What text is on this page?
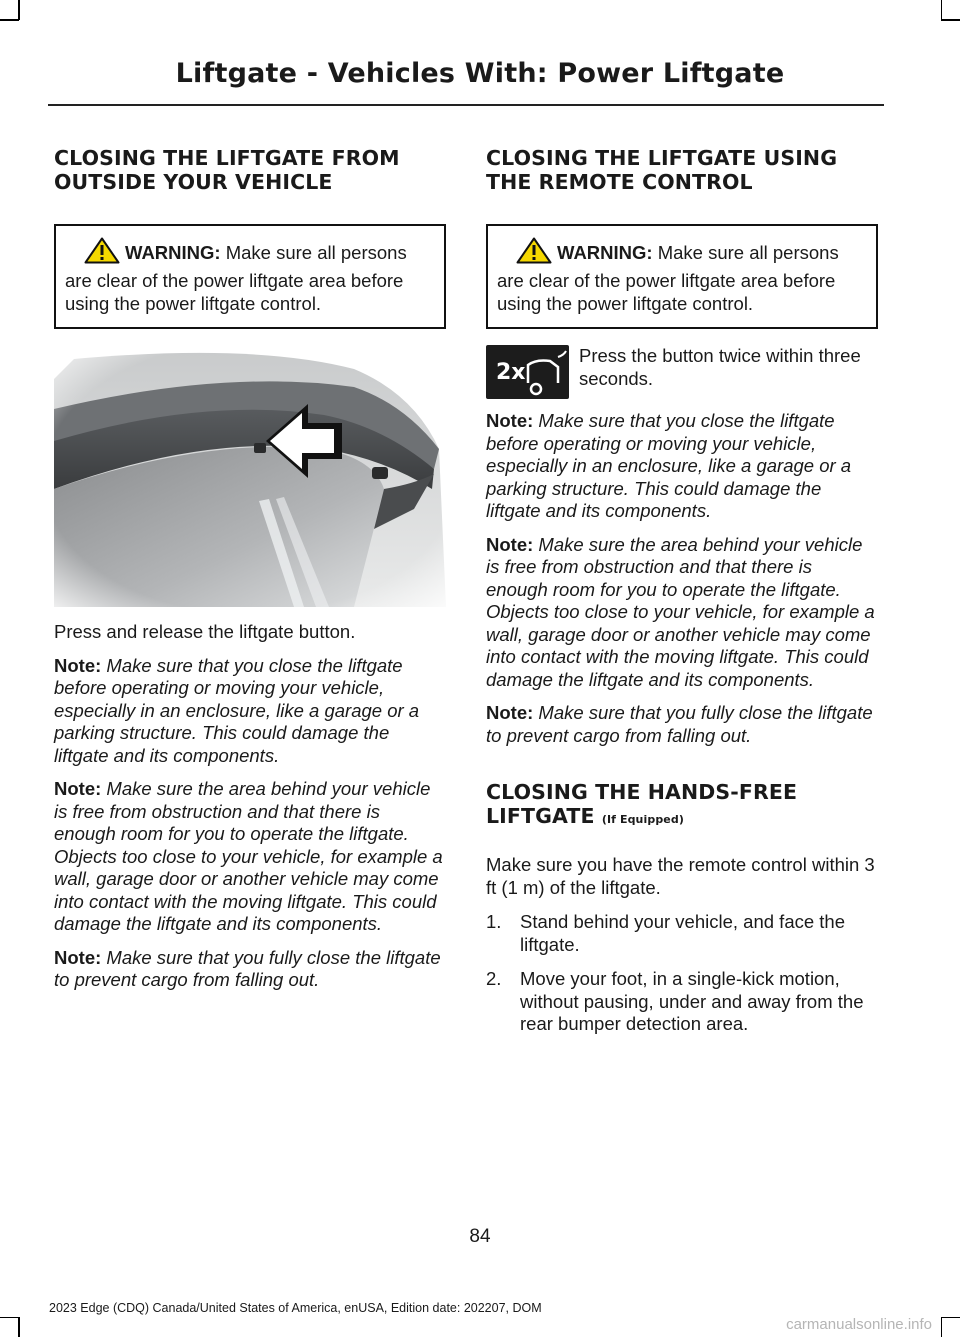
Liftgate - Vehicles With: Power Liftgate
CLOSING THE LIFTGATE FROM
OUTSIDE YOUR VEHICLE
WARNING: Make sure all persons are clear of the power liftgate area before using the power liftgate control.

Press and release the liftgate button.

Note: Make sure that you close the liftgate before operating or moving your vehicle, especially in an enclosure, like a garage or a parking structure. This could damage the liftgate and its components.

Note: Make sure the area behind your vehicle is free from obstruction and that there is enough room for you to operate the liftgate. Objects too close to your vehicle, for example a wall, garage door or another vehicle may come into contact with the moving liftgate. This could damage the liftgate and its components.

Note: Make sure that you fully close the liftgate to prevent cargo from falling out.

CLOSING THE LIFTGATE USING
THE REMOTE CONTROL
WARNING: Make sure all persons are clear of the power liftgate area before using the power liftgate control.
2x

Press the button twice within three seconds.

Note: Make sure that you close the liftgate before operating or moving your vehicle, especially in an enclosure, like a garage or a parking structure. This could damage the liftgate and its components.

Note: Make sure the area behind your vehicle is free from obstruction and that there is enough room for you to operate the liftgate. Objects too close to your vehicle, for example a wall, garage door or another vehicle may come into contact with the moving liftgate. This could damage the liftgate and its components.

Note: Make sure that you fully close the liftgate to prevent cargo from falling out.

CLOSING THE HANDS-FREE
LIFTGATE (If Equipped)

Make sure you have the remote control within 3 ft (1 m) of the liftgate.

1.	Stand behind your vehicle, and face the liftgate.
2.	Move your foot, in a single-kick motion, without pausing, under and away from the rear bumper detection area.
84
2023 Edge (CDQ) Canada/United States of America, enUSA, Edition date: 202207, DOM
carmanualsonline.info
